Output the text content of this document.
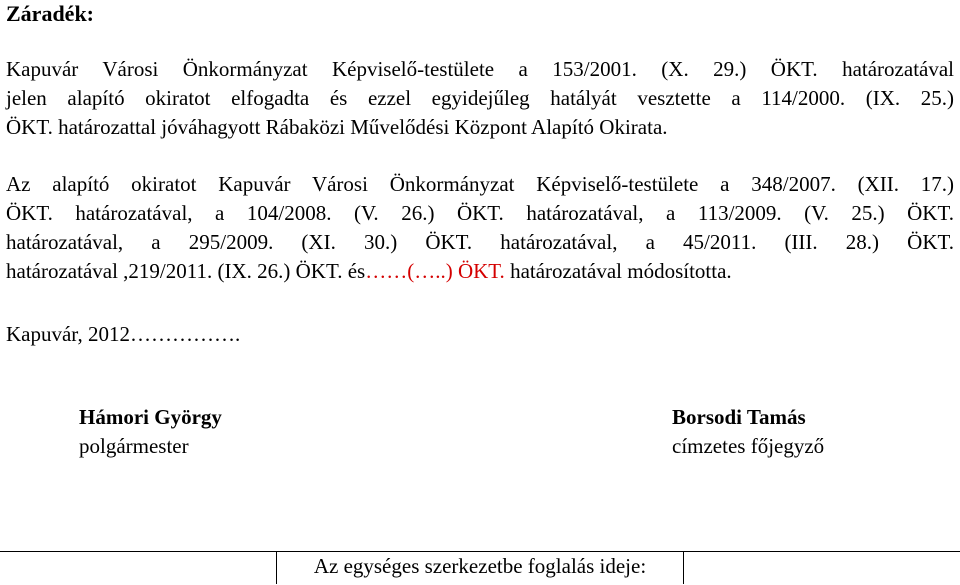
Záradék:
Kapuvár Városi Önkormányzat Képviselő-testülete a 153/2001. (X. 29.) ÖKT. határozatával
jelen alapító okiratot elfogadta és ezzel egyidejűleg hatályát vesztette a 114/2000. (IX. 25.)
ÖKT. határozattal jóváhagyott Rábaközi Művelődési Központ Alapító Okirata.
Az alapító okiratot Kapuvár Városi Önkormányzat Képviselő-testülete a 348/2007. (XII. 17.)
ÖKT. határozatával, a 104/2008. (V. 26.) ÖKT. határozatával, a 113/2009. (V. 25.) ÖKT.
határozatával, a 295/2009. (XI. 30.) ÖKT. határozatával, a 45/2011. (III. 28.) ÖKT.
határozatával ,219/2011. (IX. 26.) ÖKT. és……(…..) ÖKT. határozatával módosította.
Kapuvár, 2012…………….
Hámori György
polgármester
Borsodi Tamás
címzetes főjegyző
Az egységes szerkezetbe foglalás ideje:
